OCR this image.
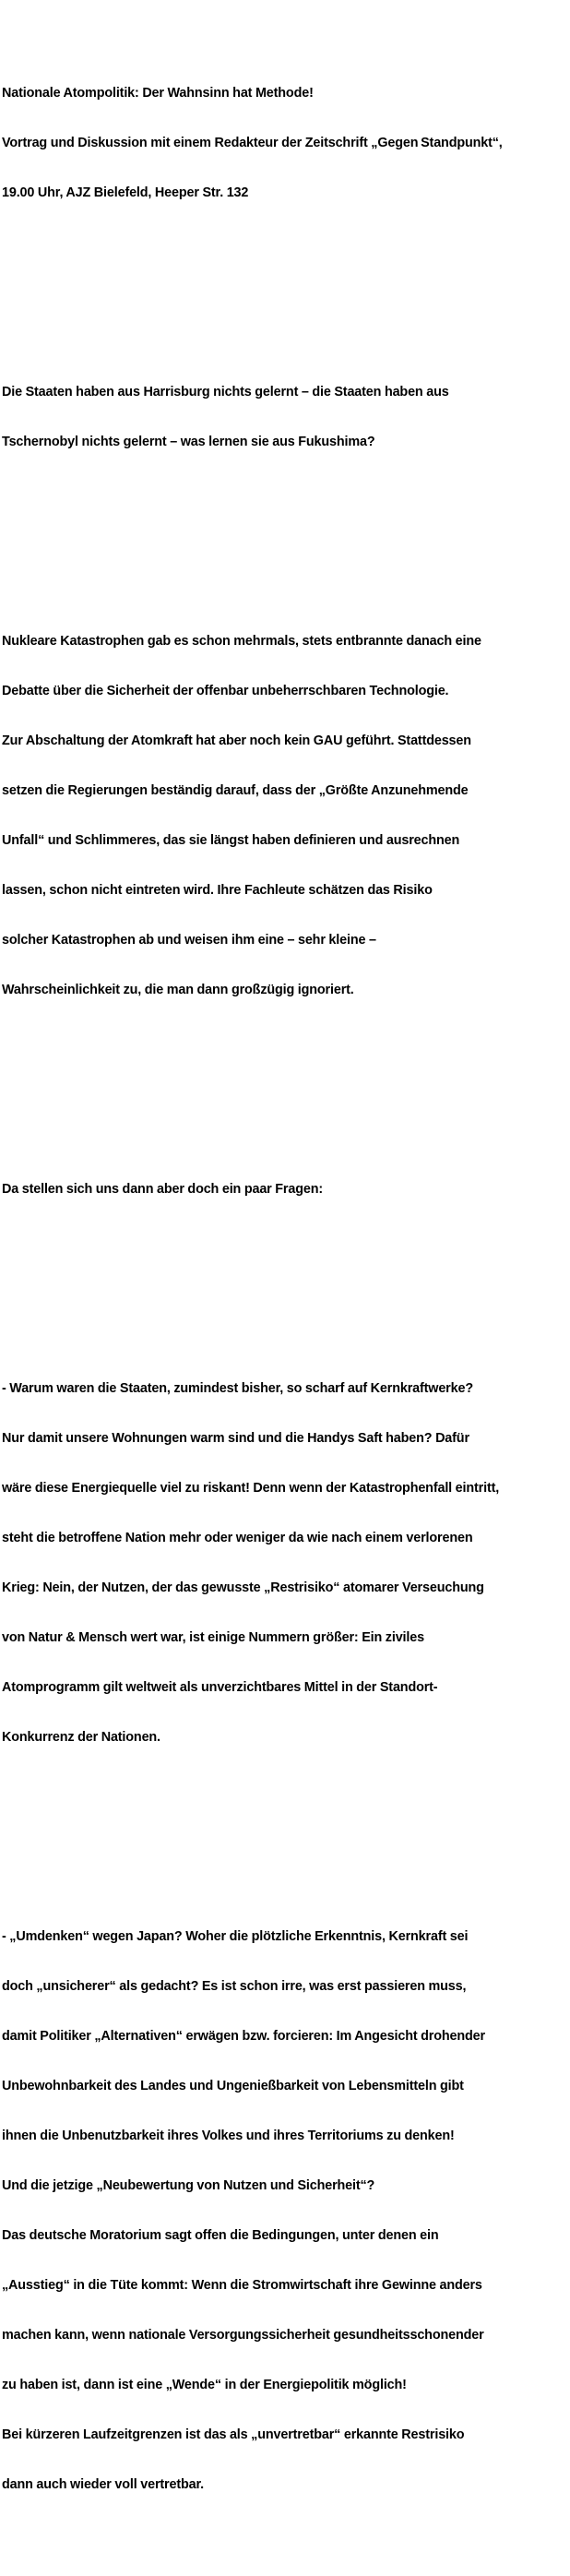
Nationale Atompolitik: Der Wahnsinn hat Methode!

Vortrag und Diskussion mit einem Redakteur der Zeitschrift „Gegen Standpunkt“,

19.00 Uhr, AJZ Bielefeld, Heeper Str. 132

Die Staaten haben aus Harrisburg nichts gelernt – die Staaten haben aus

Tschernobyl nichts gelernt – was lernen sie aus Fukushima?

Nukleare Katastrophen gab es schon mehrmals, stets entbrannte danach eine

Debatte über die Sicherheit der offenbar unbeherrschbaren Technologie.

Zur Abschaltung der Atomkraft hat aber noch kein GAU geführt. Stattdessen

setzen die Regierungen beständig darauf, dass der „Größte Anzunehmende

Unfall“ und Schlimmeres, das sie längst haben definieren und ausrechnen

lassen, schon nicht eintreten wird. Ihre Fachleute schätzen das Risiko

solcher Katastrophen ab und weisen ihm eine – sehr kleine –

Wahrscheinlichkeit zu, die man dann großzügig ignoriert.

Da stellen sich uns dann aber doch ein paar Fragen:

- Warum waren die Staaten, zumindest bisher, so scharf auf Kernkraftwerke?

Nur damit unsere Wohnungen warm sind und die Handys Saft haben? Dafür

wäre diese Energiequelle viel zu riskant! Denn wenn der Katastrophenfall eintritt,

steht die betroffene Nation mehr oder weniger da wie nach einem verlorenen

Krieg: Nein, der Nutzen, der das gewusste „Restrisiko“ atomarer Verseuchung

von Natur & Mensch wert war, ist einige Nummern größer: Ein ziviles

Atomprogramm gilt weltweit als unverzichtbares Mittel in der Standort-

Konkurrenz der Nationen.

- „Umdenken“ wegen Japan? Woher die plötzliche Erkenntnis, Kernkraft sei

doch „unsicherer“ als gedacht? Es ist schon irre, was erst passieren muss,

damit Politiker „Alternativen“ erwägen bzw. forcieren: Im Angesicht drohender

Unbewohnbarkeit des Landes und Ungenießbarkeit von Lebensmitteln gibt

ihnen die Unbenutzbarkeit ihres Volkes und ihres Territoriums zu denken!

Und die jetzige „Neubewertung von Nutzen und Sicherheit“?

Das deutsche Moratorium sagt offen die Bedingungen, unter denen ein

„Ausstieg“ in die Tüte kommt: Wenn die Stromwirtschaft ihre Gewinne anders

machen kann, wenn nationale Versorgungssicherheit gesundheitsschonender

zu haben ist, dann ist eine „Wende“ in der Energiepolitik möglich!

Bei kürzeren Laufzeitgrenzen ist das als „unvertretbar“ erkannte Restrisiko

dann auch wieder voll vertretbar.
